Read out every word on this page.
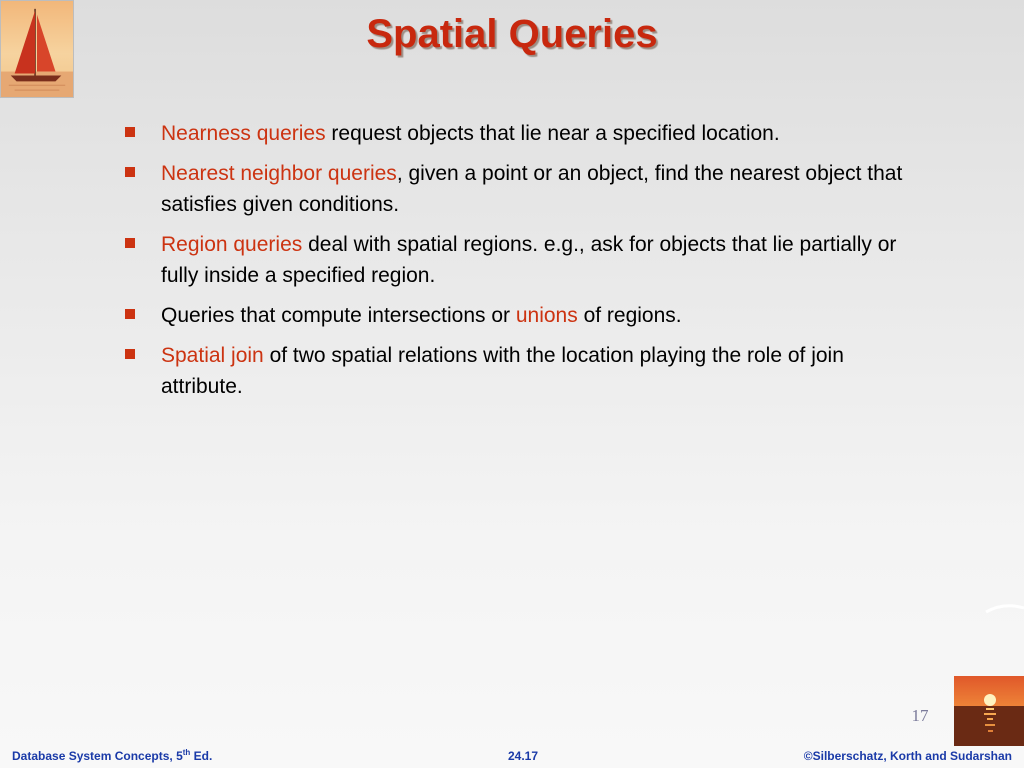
Spatial Queries
Nearness queries request objects that lie near a specified location.
Nearest neighbor queries, given a point or an object, find the nearest object that satisfies given conditions.
Region queries deal with spatial regions. e.g., ask for objects that lie partially or fully inside a specified region.
Queries that compute intersections or unions of regions.
Spatial join of two spatial relations with the location playing the role of join attribute.
17
Database System Concepts, 5th Ed.	24.17	©Silberschatz, Korth and Sudarshan
